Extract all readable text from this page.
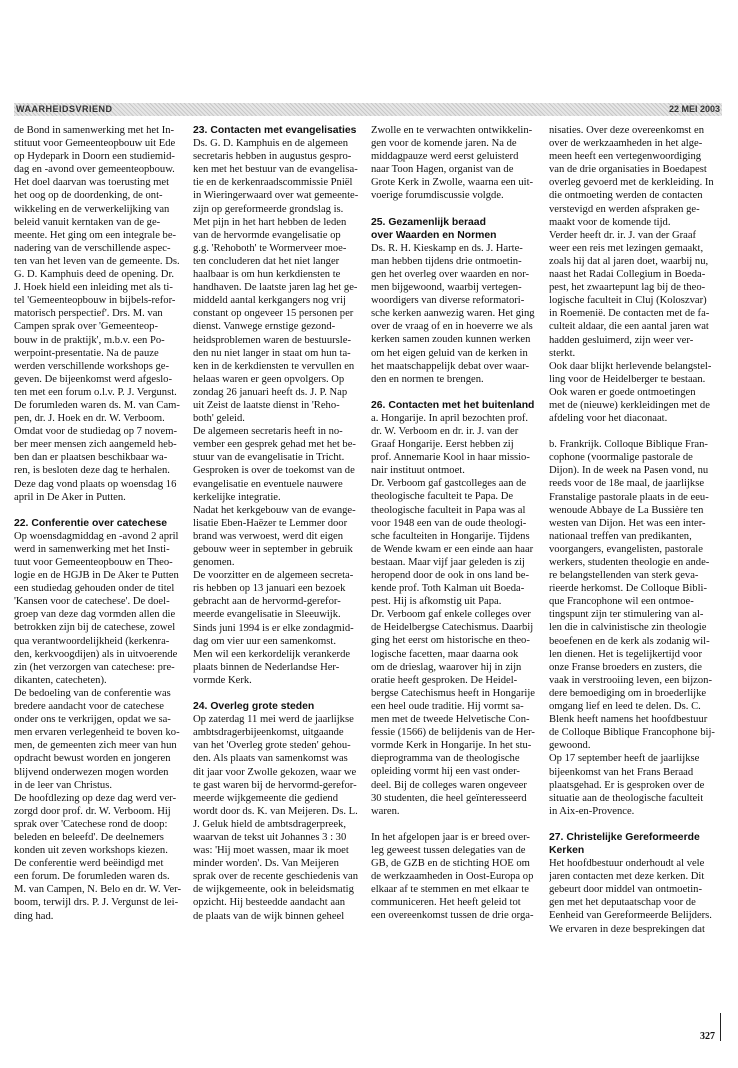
WAARHEIDSVRIEND	22 MEI 2003

de Bond in samenwerking met het In-
stituut voor Gemeenteopbouw uit Ede
op Hydepark in Doorn een studiemid-
dag en -avond over gemeenteopbouw.
Het doel daarvan was toerusting met
het oog op de doordenking, de ont-
wikkeling en de verwerkelijking van
beleid vanuit kerntaken van de ge-
meente. Het ging om een integrale be-
nadering van de verschillende aspec-
ten van het leven van de gemeente. Ds.
G. D. Kamphuis deed de opening. Dr.
J. Hoek hield een inleiding met als ti-
tel 'Gemeenteopbouw in bijbels-refor-
matorisch perspectief'. Drs. M. van
Campen sprak over 'Gemeenteop-
bouw in de praktijk', m.b.v. een Po-
werpoint-presentatie. Na de pauze
werden verschillende workshops ge-
geven. De bijeenkomst werd afgeslo-
ten met een forum o.l.v. P. J. Vergunst.
De forumleden waren ds. M. van Cam-
pen, dr. J. Hoek en dr. W. Verboom.
Omdat voor de studiedag op 7 novem-
ber meer mensen zich aangemeld heb-
ben dan er plaatsen beschikbaar wa-
ren, is besloten deze dag te herhalen.
Deze dag vond plaats op woensdag 16
april in De Aker in Putten.

22. Conferentie over catechese

Op woensdagmiddag en -avond 2 april
werd in samenwerking met het Insti-
tuut voor Gemeenteopbouw en Theo-
logie en de HGJB in De Aker te Putten
een studiedag gehouden onder de titel
'Kansen voor de catechese'. De doel-
groep van deze dag vormden allen die
betrokken zijn bij de catechese, zowel
qua verantwoordelijkheid (kerkenra-
den, kerkvoogdijen) als in uitvoerende
zin (het verzorgen van catechese: pre-
dikanten, catecheten).
De bedoeling van de conferentie was
bredere aandacht voor de catechese
onder ons te verkrijgen, opdat we sa-
men ervaren verlegenheid te boven ko-
men, de gemeenten zich meer van hun
opdracht bewust worden en jongeren
blijvend onderwezen mogen worden
in de leer van Christus.
De hoofdlezing op deze dag werd ver-
zorgd door prof. dr. W. Verboom. Hij
sprak over 'Catechese rond de doop:
beleden en beleefd'. De deelnemers
konden uit zeven workshops kiezen.
De conferentie werd beëindigd met
een forum. De forumleden waren ds.
M. van Campen, N. Belo en dr. W. Ver-
boom, terwijl drs. P. J. Vergunst de lei-
ding had.

23. Contacten met evangelisaties

Ds. G. D. Kamphuis en de algemeen
secretaris hebben in augustus gespro-
ken met het bestuur van de evangelisa-
tie en de kerkenraadscommissie Pniël
in Wieringerwaard over wat gemeente-
zijn op gereformeerde grondslag is.
Met pijn in het hart hebben de leden
van de hervormde evangelisatie op
g.g. 'Rehoboth' te Wormerveer moe-
ten concluderen dat het niet langer
haalbaar is om hun kerkdiensten te
handhaven. De laatste jaren lag het ge-
middeld aantal kerkgangers nog vrij
constant op ongeveer 15 personen per
dienst. Vanwege ernstige gezond-
heidsproblemen waren de bestuursle-
den nu niet langer in staat om hun ta-
ken in de kerkdiensten te vervullen en
helaas waren er geen opvolgers. Op
zondag 26 januari heeft ds. J. P. Nap
uit Zeist de laatste dienst in 'Reho-
both' geleid.
De algemeen secretaris heeft in no-
vember een gesprek gehad met het be-
stuur van de evangelisatie in Tricht.
Gesproken is over de toekomst van de
evangelisatie en eventuele nauwere
kerkelijke integratie.
Nadat het kerkgebouw van de evange-
lisatie Eben-Haëzer te Lemmer door
brand was verwoest, werd dit eigen
gebouw weer in september in gebruik
genomen.
De voorzitter en de algemeen secreta-
ris hebben op 13 januari een bezoek
gebracht aan de hervormd-gerefor-
meerde evangelisatie in Sleeuwijk.
Sinds juni 1994 is er elke zondagmid-
dag om vier uur een samenkomst.
Men wil een kerkordelijk verankerde
plaats binnen de Nederlandse Her-
vormde Kerk.

24. Overleg grote steden

Op zaterdag 11 mei werd de jaarlijkse
ambtsdragerbijeenkomst, uitgaande
van het 'Overleg grote steden' gehou-
den. Als plaats van samenkomst was
dit jaar voor Zwolle gekozen, waar we
te gast waren bij de hervormd-gerefor-
meerde wijkgemeente die gediend
wordt door ds. K. van Meijeren. Ds. L.
J. Geluk hield de ambtsdragerpreek,
waarvan de tekst uit Johannes 3 : 30
was: 'Hij moet wassen, maar ik moet
minder worden'. Ds. Van Meijeren
sprak over de recente geschiedenis van
de wijkgemeente, ook in beleidsmatig
opzicht. Hij besteedde aandacht aan
de plaats van de wijk binnen geheel

Zwolle en te verwachten ontwikkelin-
gen voor de komende jaren. Na de
middagpauze werd eerst geluisterd
naar Toon Hagen, organist van de
Grote Kerk in Zwolle, waarna een uit-
voerige forumdiscussie volgde.

25. Gezamenlijk beraad
over Waarden en Normen

Ds. R. H. Kieskamp en ds. J. Harte-
man hebben tijdens drie ontmoetin-
gen het overleg over waarden en nor-
men bijgewoond, waarbij vertegen-
woordigers van diverse reformatori-
sche kerken aanwezig waren. Het ging
over de vraag of en in hoeverre we als
kerken samen zouden kunnen werken
om het eigen geluid van de kerken in
het maatschappelijk debat over waar-
den en normen te brengen.

26. Contacten met het buitenland

a. Hongarije. In april bezochten prof.
dr. W. Verboom en dr. ir. J. van der
Graaf Hongarije. Eerst hebben zij
prof. Annemarie Kool in haar missio-
nair instituut ontmoet.
Dr. Verboom gaf gastcolleges aan de
theologische faculteit te Papa. De
theologische faculteit in Papa was al
voor 1948 een van de oude theologi-
sche faculteiten in Hongarije. Tijdens
de Wende kwam er een einde aan haar
bestaan. Maar vijf jaar geleden is zij
heropend door de ook in ons land be-
kende prof. Toth Kalman uit Boeda-
pest. Hij is afkomstig uit Papa.
Dr. Verboom gaf enkele colleges over
de Heidelbergse Catechismus. Daarbij
ging het eerst om historische en theo-
logische facetten, maar daarna ook
om de drieslag, waarover hij in zijn
oratie heeft gesproken. De Heidel-
bergse Catechismus heeft in Hongarije
een heel oude traditie. Hij vormt sa-
men met de tweede Helvetische Con-
fessie (1566) de belijdenis van de Her-
vormde Kerk in Hongarije. In het stu-
dieprogramma van de theologische
opleiding vormt hij een vast onder-
deel. Bij de colleges waren ongeveer
30 studenten, die heel geïnteresseerd
waren.

In het afgelopen jaar is er breed over-
leg geweest tussen delegaties van de
GB, de GZB en de stichting HOE om
de werkzaamheden in Oost-Europa op
elkaar af te stemmen en met elkaar te
communiceren. Het heeft geleid tot
een overeenkomst tussen de drie orga-

nisaties. Over deze overeenkomst en
over de werkzaamheden in het alge-
meen heeft een vertegenwoordiging
van de drie organisaties in Boedapest
overleg gevoerd met de kerkleiding. In
die ontmoeting werden de contacten
verstevigd en werden afspraken ge-
maakt voor de komende tijd.
Verder heeft dr. ir. J. van der Graaf
weer een reis met lezingen gemaakt,
zoals hij dat al jaren doet, waarbij nu,
naast het Radai Collegium in Boeda-
pest, het zwaartepunt lag bij de theo-
logische faculteit in Cluj (Koloszvar)
in Roemenië. De contacten met de fa-
culteit aldaar, die een aantal jaren wat
hadden gesluimerd, zijn weer ver-
sterkt.
Ook daar blijkt herlevende belangstel-
ling voor de Heidelberger te bestaan.
Ook waren er goede ontmoetingen
met de (nieuwe) kerkleidingen met de
afdeling voor het diaconaat.

b. Frankrijk. Colloque Biblique Fran-
cophone (voormalige pastorale de
Dijon). In de week na Pasen vond, nu
reeds voor de 18e maal, de jaarlijkse
Franstalige pastorale plaats in de eeu-
wenoude Abbaye de La Bussière ten
westen van Dijon. Het was een inter-
nationaal treffen van predikanten,
voorgangers, evangelisten, pastorale
werkers, studenten theologie en ande-
re belangstellenden van sterk geva-
rieerde herkomst. De Colloque Bibli-
que Francophone wil een ontmoe-
tingspunt zijn ter stimulering van al-
len die in calvinistische zin theologie
beoefenen en de kerk als zodanig wil-
len dienen. Het is tegelijkertijd voor
onze Franse broeders en zusters, die
vaak in verstrooiing leven, een bijzon-
dere bemoediging om in broederlijke
omgang lief en leed te delen. Ds. C.
Blenk heeft namens het hoofdbestuur
de Colloque Biblique Francophone bij-
gewoond.
Op 17 september heeft de jaarlijkse
bijeenkomst van het Frans Beraad
plaatsgehad. Er is gesproken over de
situatie aan de theologische faculteit
in Aix-en-Provence.

27. Christelijke Gereformeerde Kerken

Het hoofdbestuur onderhoudt al vele
jaren contacten met deze kerken. Dit
gebeurt door middel van ontmoetin-
gen met het deputaatschap voor de
Eenheid van Gereformeerde Belijders.
We ervaren in deze besprekingen dat

327
